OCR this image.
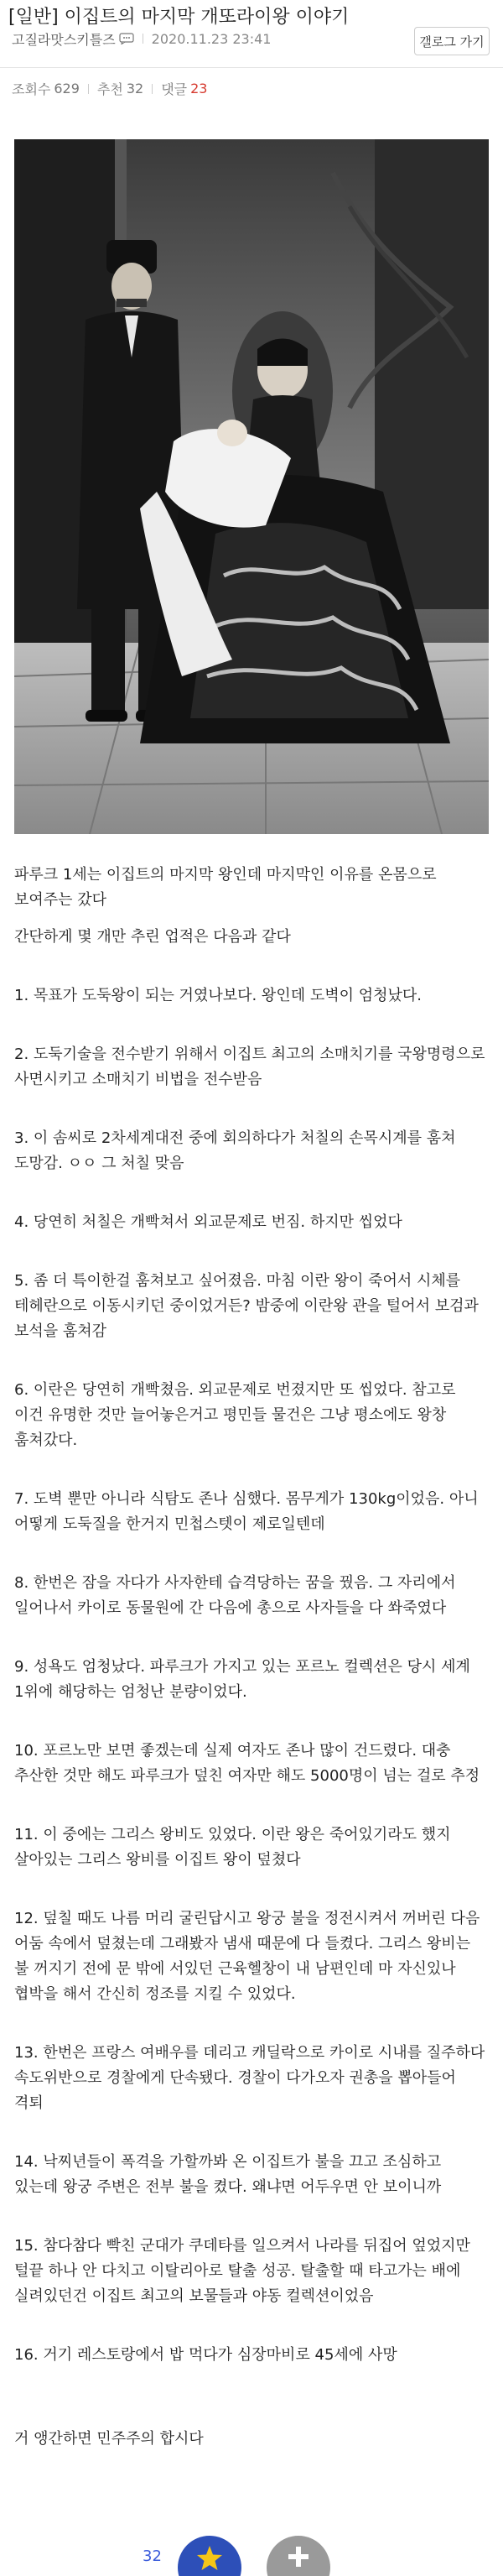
[일반] 이집트의 마지막 개또라이왕 이야기
고질라맛스키틀즈	2020.11.23 23:41	갤로그 가기
조회수 629 추천 32 댓글 23

파루크 1세는 이집트의 마지막 왕인데 마지막인 이유를 온몸으로 보여주는 갔다

간단하게 몇 개만 추린 업적은 다음과 같다

1. 목표가 도둑왕이 되는 거였나보다. 왕인데 도벽이 엄청났다.

2. 도둑기술을 전수받기 위해서 이집트 최고의 소매치기를 국왕명령으로 사면시키고 소매치기 비법을 전수받음

3. 이 솜씨로 2차세계대전 중에 회의하다가 처칠의 손목시계를 훔쳐 도망감. ㅇㅇ 그 처칠 맞음

4. 당연히 처칠은 개빡쳐서 외교문제로 번짐. 하지만 씹었다

5. 좀 더 특이한걸 훔쳐보고 싶어졌음. 마침 이란 왕이 죽어서 시체를 테헤란으로 이동시키던 중이었거든? 밤중에 이란왕 관을 털어서 보검과 보석을 훔쳐감

6. 이란은 당연히 개빡쳤음. 외교문제로 번졌지만 또 씹었다. 참고로 이건 유명한 것만 늘어놓은거고 평민들 물건은 그냥 평소에도 왕창 훔쳐갔다.

7. 도벽 뿐만 아니라 식탐도 존나 심했다. 몸무게가 130kg이었음. 아니 어떻게 도둑질을 한거지 민첩스텟이 제로일텐데

8. 한번은 잠을 자다가 사자한테 습격당하는 꿈을 꿨음. 그 자리에서 일어나서 카이로 동물원에 간 다음에 총으로 사자들을 다 쏴죽였다

9. 성욕도 엄청났다. 파루크가 가지고 있는 포르노 컬렉션은 당시 세계 1위에 해당하는 엄청난 분량이었다.

10. 포르노만 보면 좋겠는데 실제 여자도 존나 많이 건드렸다. 대충 추산한 것만 해도 파루크가 덮친 여자만 해도 5000명이 넘는 걸로 추정

11. 이 중에는 그리스 왕비도 있었다. 이란 왕은 죽어있기라도 했지 살아있는 그리스 왕비를 이집트 왕이 덮쳤다

12. 덮칠 때도 나름 머리 굴린답시고 왕궁 불을 정전시켜서 꺼버린 다음 어둠 속에서 덮쳤는데 그래봤자 냄새 때문에 다 들켰다. 그리스 왕비는 불 꺼지기 전에 문 밖에 서있던 근육헬창이 내 남편인데 마 자신있나 협박을 해서 간신히 정조를 지킬 수 있었다.

13. 한번은 프랑스 여배우를 데리고 캐딜락으로 카이로 시내를 질주하다 속도위반으로 경찰에게 단속됐다. 경찰이 다가오자 권총을 뽑아들어 격퇴

14. 낙찌년들이 폭격을 가할까봐 온 이집트가 불을 끄고 조심하고 있는데 왕궁 주변은 전부 불을 켰다. 왜냐면 어두우면 안 보이니까

15. 참다참다 빡친 군대가 쿠데타를 일으켜서 나라를 뒤집어 엎었지만 털끝 하나 안 다치고 이탈리아로 탈출 성공. 탈출할 때 타고가는 배에 실려있던건 이집트 최고의 보물들과 야동 컬렉션이었음

16. 거기 레스토랑에서 밥 먹다가 심장마비로 45세에 사망

거 앵간하면 민주주의 합시다

32
